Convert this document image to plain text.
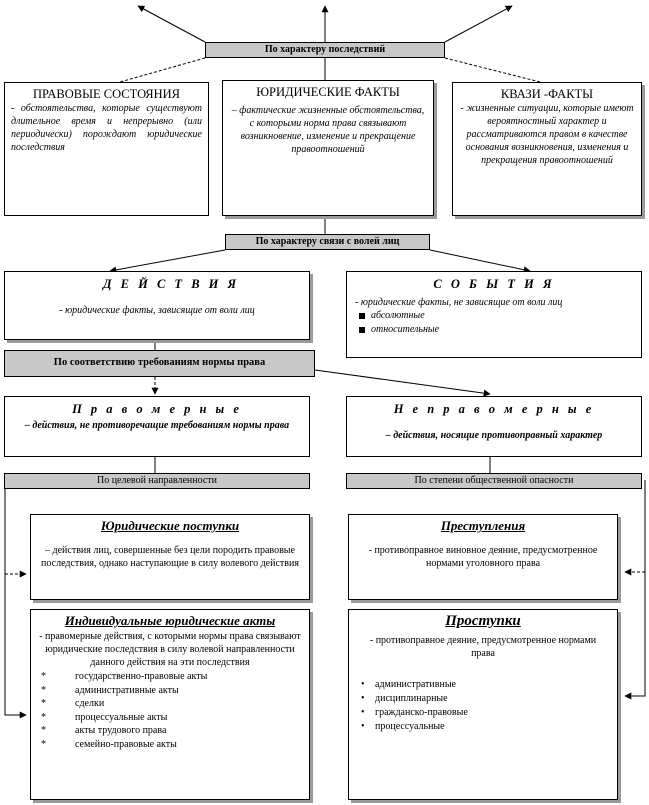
По характеру последствий
ПРАВОВЫЕ СОСТОЯНИЯ
- обстоятельства, которые существуют длительное время и непрерывно (или периодически) порождают юридические последствия
ЮРИДИЧЕСКИЕ ФАКТЫ
– фактические жизненные обстоятельства, с которыми норма права связывают возникновение, изменение и прекращение правоотношений
КВАЗИ -ФАКТЫ
- жизненные ситуации, которые имеют вероятностный характер и рассматриваются правом в качестве основания возникновения, изменения и прекращения правоотношений
По характеру связи с волей лиц
Д Е Й С Т В И Я
- юридические факты, зависящие от воли лиц
С О Б Ы Т И Я
- юридические факты, не зависящие от воли лиц
абсолютные
относительные
По соответствию требованиям нормы права
П р а в о м е р н ы е
– действия, не противоречащие требованиям нормы права
Н е п р а в о м е р н ы е
– действия, носящие противоправный характер
По целевой направленности	По степени общественной опасности
Юридические поступки
– действия лиц, совершенные без цели породить правовые последствия, однако наступающие в силу волевого действия
Преступления
- противоправное виновное деяние, предусмотренное нормами уголовного права
Индивидуальные юридические акты
- правомерные действия, с которыми нормы права связывают юридические последствия в силу волевой направленности данного действия на эти последствия
* государственно-правовые акты
* административные акты
* сделки
* процессуальные акты
* акты трудового права
* семейно-правовые акты
Проступки
- противоправное деяние, предусмотренное нормами права
• административные
• дисциплинарные
• гражданско-правовые
• процессуальные
